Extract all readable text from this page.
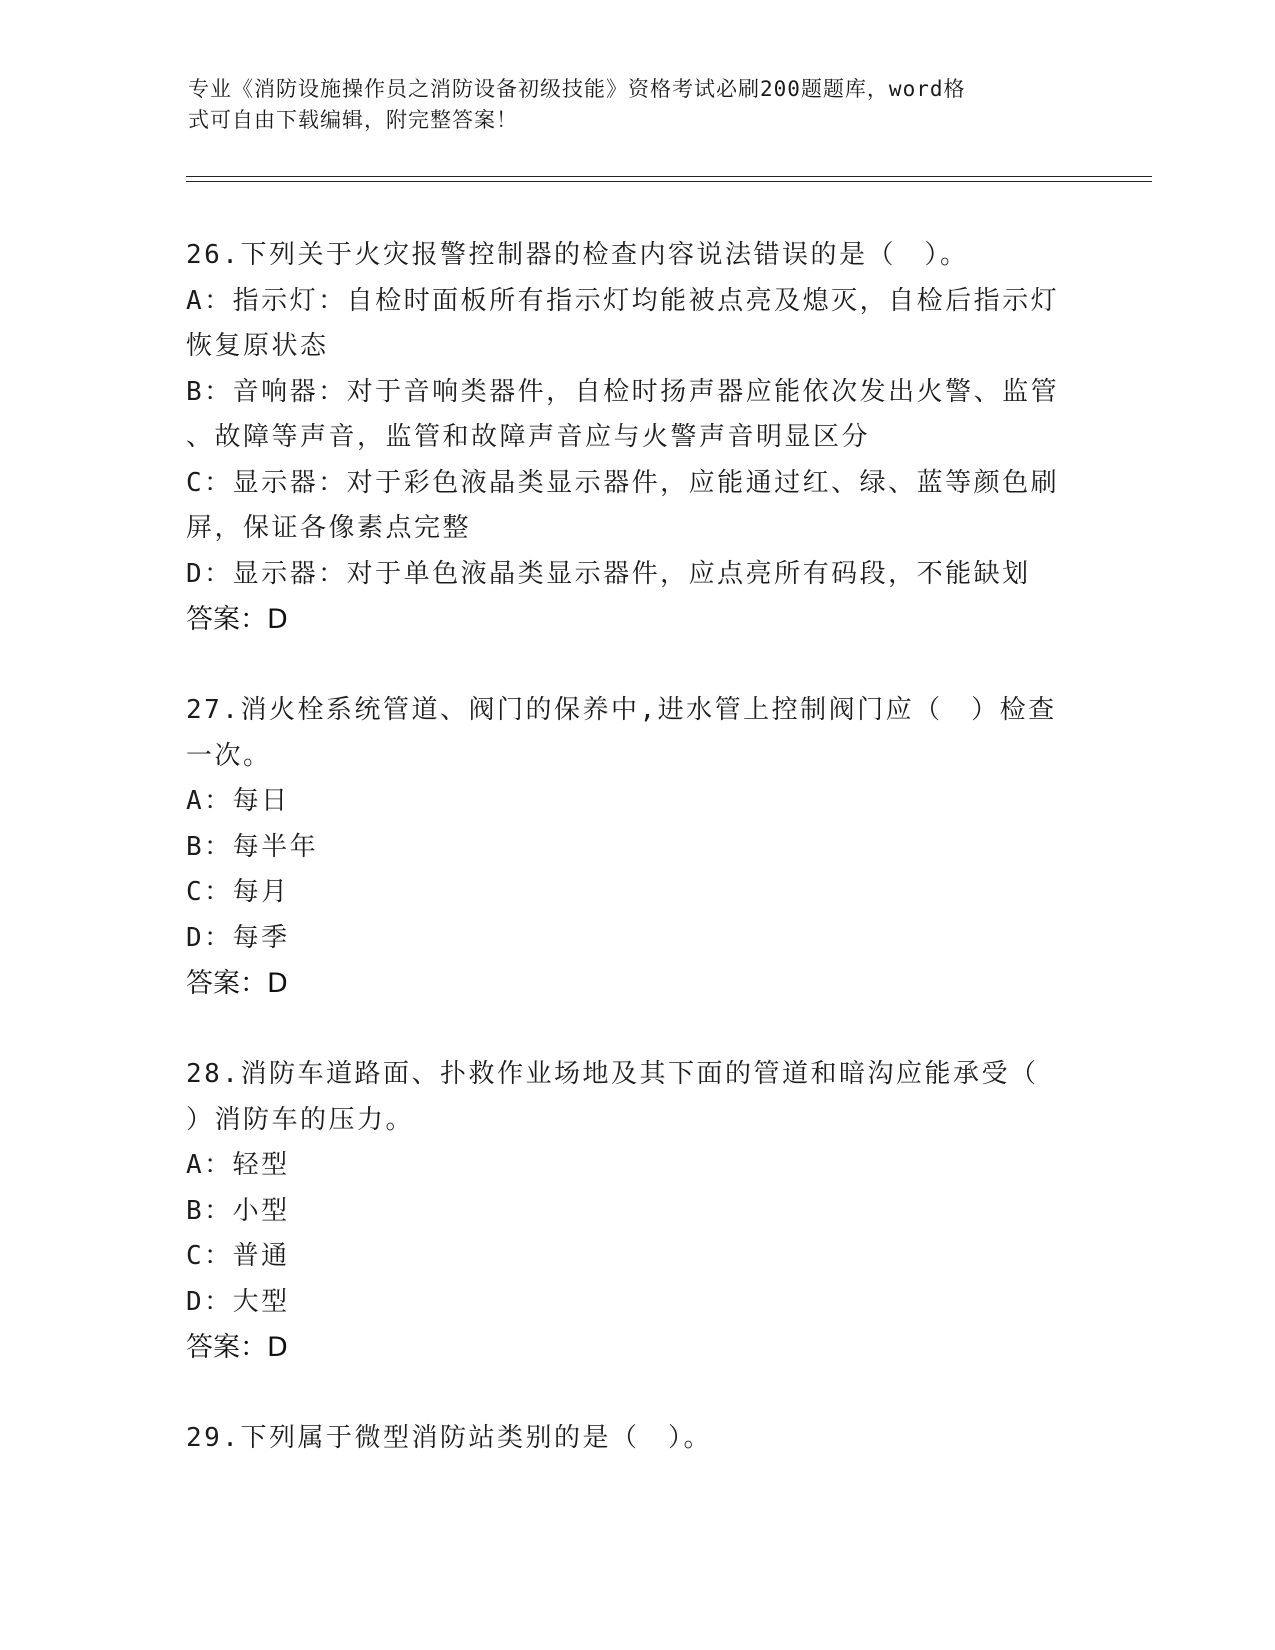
专业《消防设施操作员之消防设备初级技能》资格考试必刷200题题库，word格
式可自由下载编辑，附完整答案！
26.下列关于火灾报警控制器的检查内容说法错误的是（　）。
A：指示灯：自检时面板所有指示灯均能被点亮及熄灭，自检后指示灯
恢复原状态
B：音响器：对于音响类器件，自检时扬声器应能依次发出火警、监管
、故障等声音，监管和故障声音应与火警声音明显区分
C：显示器：对于彩色液晶类显示器件，应能通过红、绿、蓝等颜色刷
屏，保证各像素点完整
D：显示器：对于单色液晶类显示器件，应点亮所有码段，不能缺划
答案：D
27.消火栓系统管道、阀门的保养中,进水管上控制阀门应（　）检查
一次。
A：每日
B：每半年
C：每月
D：每季
答案：D
28.消防车道路面、扑救作业场地及其下面的管道和暗沟应能承受（
）消防车的压力。
A：轻型
B：小型
C：普通
D：大型
答案：D
29.下列属于微型消防站类别的是（　）。
